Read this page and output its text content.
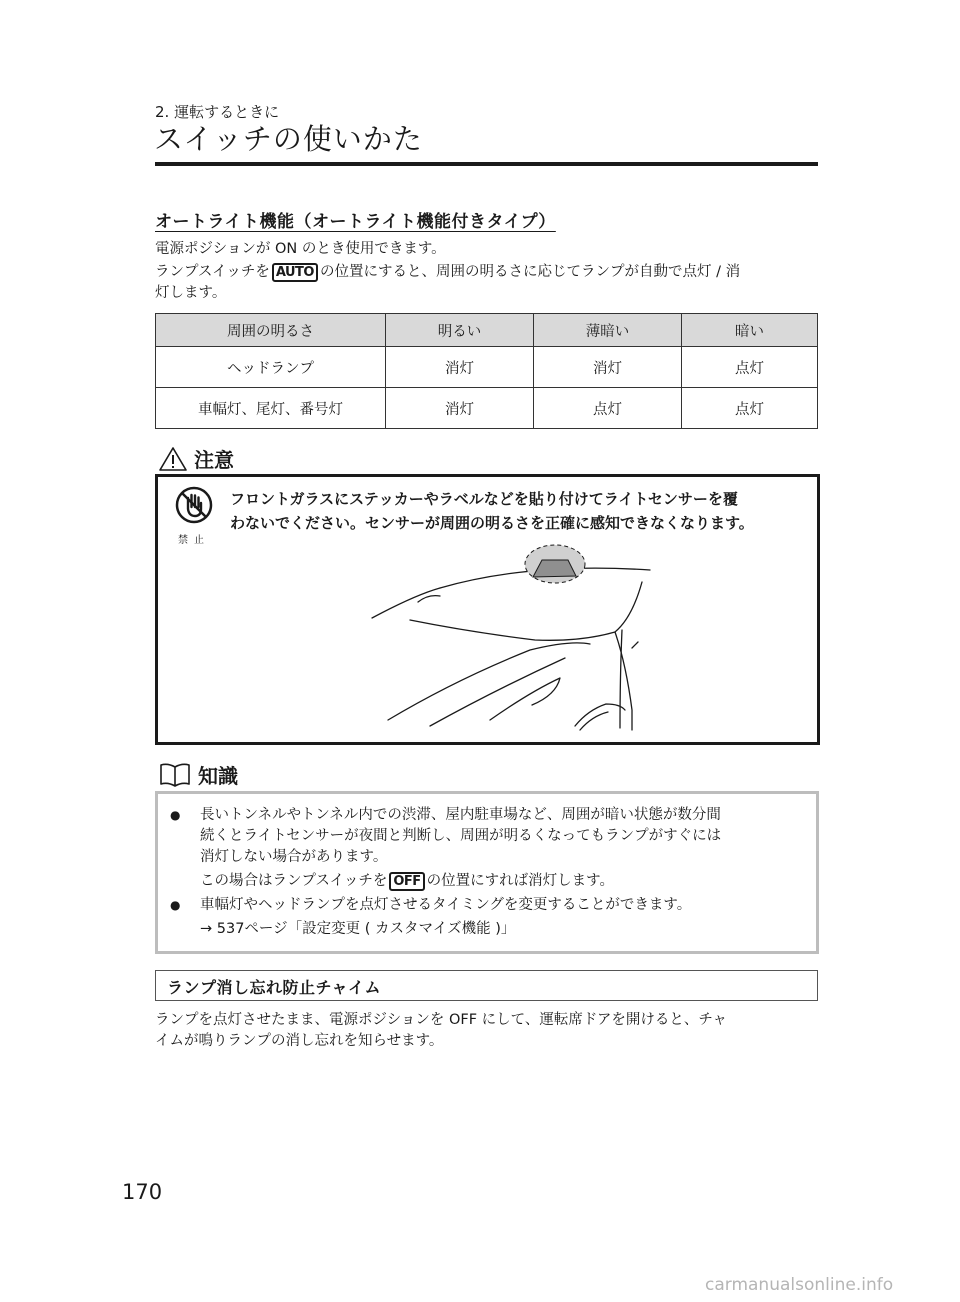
2. 運転するときに
スイッチの使いかた
オートライト機能（オートライト機能付きタイプ）
電源ポジションが ON のとき使用できます。
ランプスイッチを AUTO の位置にすると、周囲の明るさに応じてランプが自動で点灯 / 消
灯します。
周囲の明るさ	明るい	薄暗い	暗い
ヘッドランプ	消灯	消灯	点灯
車幅灯、尾灯、番号灯	消灯	点灯	点灯
注意
禁止
フロントガラスにステッカーやラベルなどを貼り付けてライトセンサーを覆
わないでください。センサーが周囲の明るさを正確に感知できなくなります。
知識
●	長いトンネルやトンネル内での渋滞、屋内駐車場など、周囲が暗い状態が数分間
続くとライトセンサーが夜間と判断し、周囲が明るくなってもランプがすぐには
消灯しない場合があります。
この場合はランプスイッチを OFF の位置にすれば消灯します。
●	車幅灯やヘッドランプを点灯させるタイミングを変更することができます。
→ 537ページ「設定変更 ( カスタマイズ機能 )」
ランプ消し忘れ防止チャイム
ランプを点灯させたまま、電源ポジションを OFF にして、運転席ドアを開けると、チャ
イムが鳴りランプの消し忘れを知らせます。
170
carmanualsonline.info
